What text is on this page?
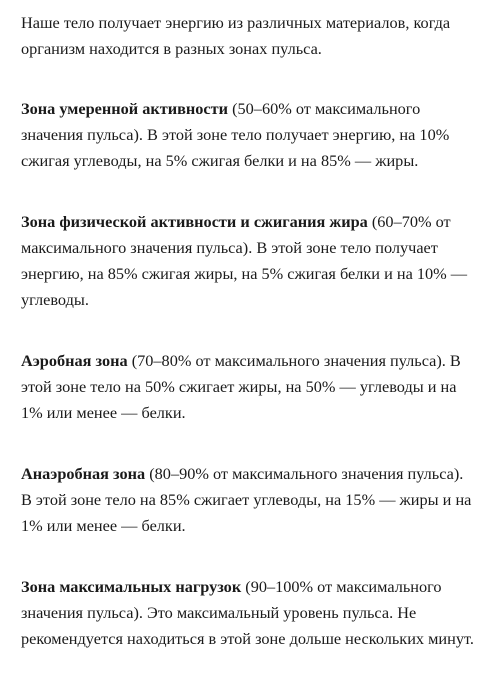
Наше тело получает энергию из различных материалов, когда организм находится в разных зонах пульса.

Зона умеренной активности (50–60% от максимального значения пульса). В этой зоне тело получает энергию, на 10% сжигая углеводы, на 5% сжигая белки и на 85% — жиры.

Зона физической активности и сжигания жира (60–70% от максимального значения пульса). В этой зоне тело получает энергию, на 85% сжигая жиры, на 5% сжигая белки и на 10% — углеводы.

Аэробная зона (70–80% от максимального значения пульса). В этой зоне тело на 50% сжигает жиры, на 50% — углеводы и на 1% или менее — белки.

Анаэробная зона (80–90% от максимального значения пульса). В этой зоне тело на 85% сжигает углеводы, на 15% — жиры и на 1% или менее — белки.

Зона максимальных нагрузок (90–100% от максимального значения пульса). Это максимальный уровень пульса. Не рекомендуется находиться в этой зоне дольше нескольких минут.
